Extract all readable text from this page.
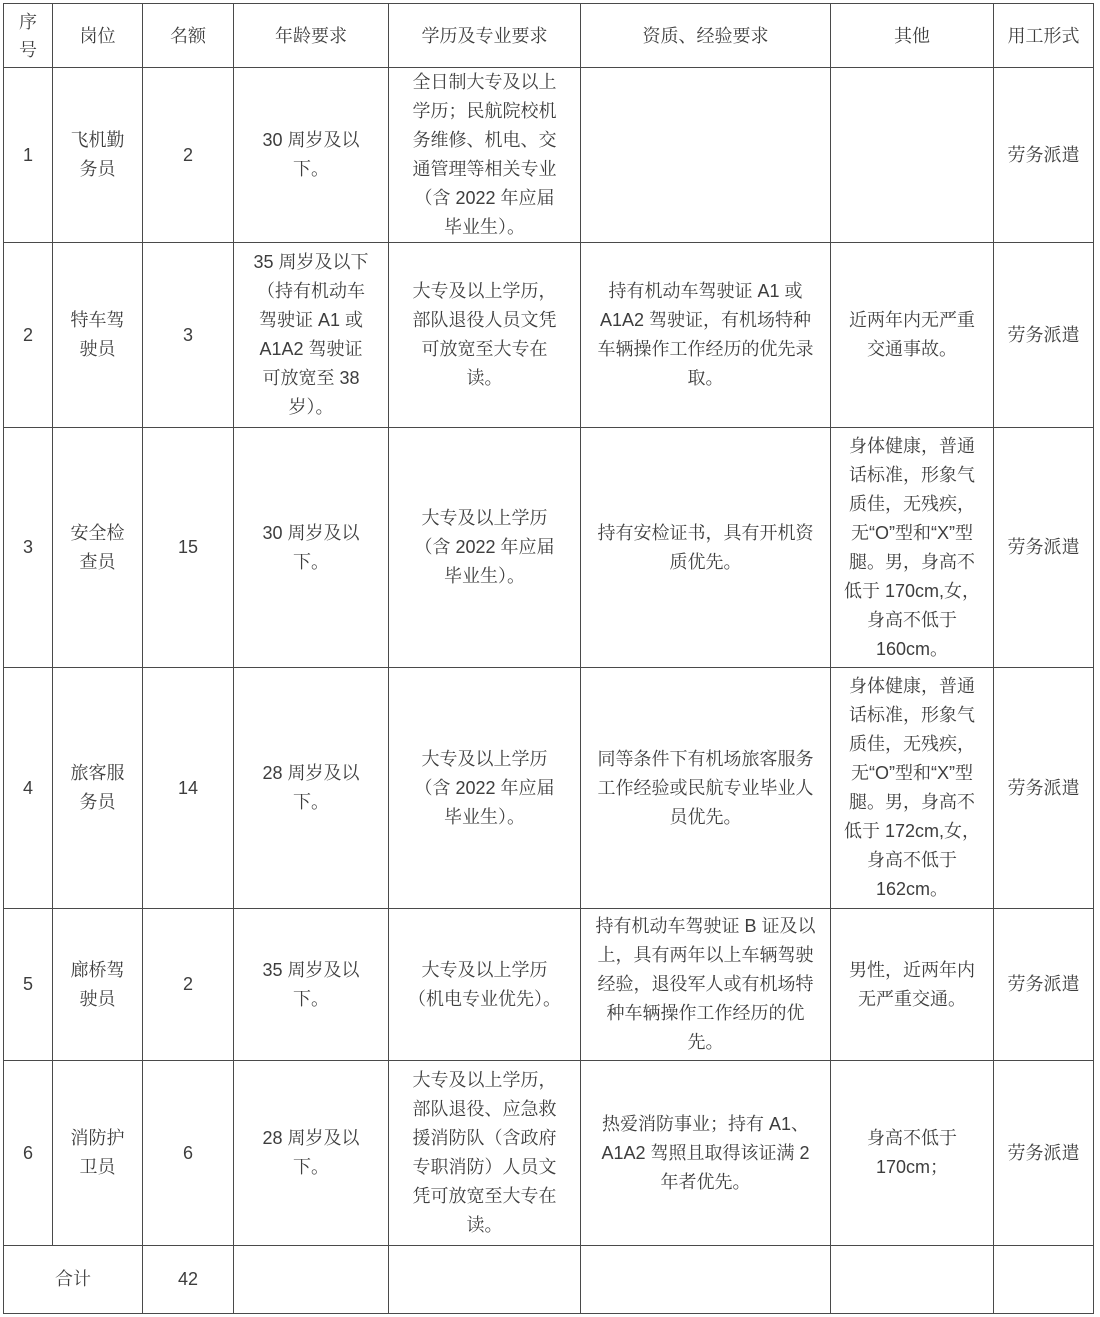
序号	岗位	名额	年龄要求	学历及专业要求	资质、经验要求	其他	用工形式
1	飞机勤务员	2	30 周岁及以下。	全日制大专及以上学历；民航院校机务维修、机电、交通管理等相关专业（含 2022 年应届毕业生）。			劳务派遣
2	特车驾驶员	3	35 周岁及以下（持有机动车驾驶证 A1 或 A1A2 驾驶证可放宽至 38 岁）。	大专及以上学历，部队退役人员文凭可放宽至大专在读。	持有机动车驾驶证 A1 或 A1A2 驾驶证，有机场特种车辆操作工作经历的优先录取。	近两年内无严重交通事故。	劳务派遣
3	安全检查员	15	30 周岁及以下。	大专及以上学历（含 2022 年应届毕业生）。	持有安检证书，具有开机资质优先。	身体健康，普通话标准，形象气质佳，无残疾，无“O”型和“X”型腿。男，身高不低于 170cm,女，身高不低于 160cm。	劳务派遣
4	旅客服务员	14	28 周岁及以下。	大专及以上学历（含 2022 年应届毕业生）。	同等条件下有机场旅客服务工作经验或民航专业毕业人员优先。	身体健康，普通话标准，形象气质佳，无残疾，无“O”型和“X”型腿。男，身高不低于 172cm,女，身高不低于 162cm。	劳务派遣
5	廊桥驾驶员	2	35 周岁及以下。	大专及以上学历（机电专业优先）。	持有机动车驾驶证 B 证及以上，具有两年以上车辆驾驶经验，退役军人或有机场特种车辆操作工作经历的优先。	男性，近两年内无严重交通。	劳务派遣
6	消防护卫员	6	28 周岁及以下。	大专及以上学历，部队退役、应急救援消防队（含政府专职消防）人员文凭可放宽至大专在读。	热爱消防事业；持有 A1、A1A2 驾照且取得该证满 2 年者优先。	身高不低于 170cm；	劳务派遣
合计		42					
